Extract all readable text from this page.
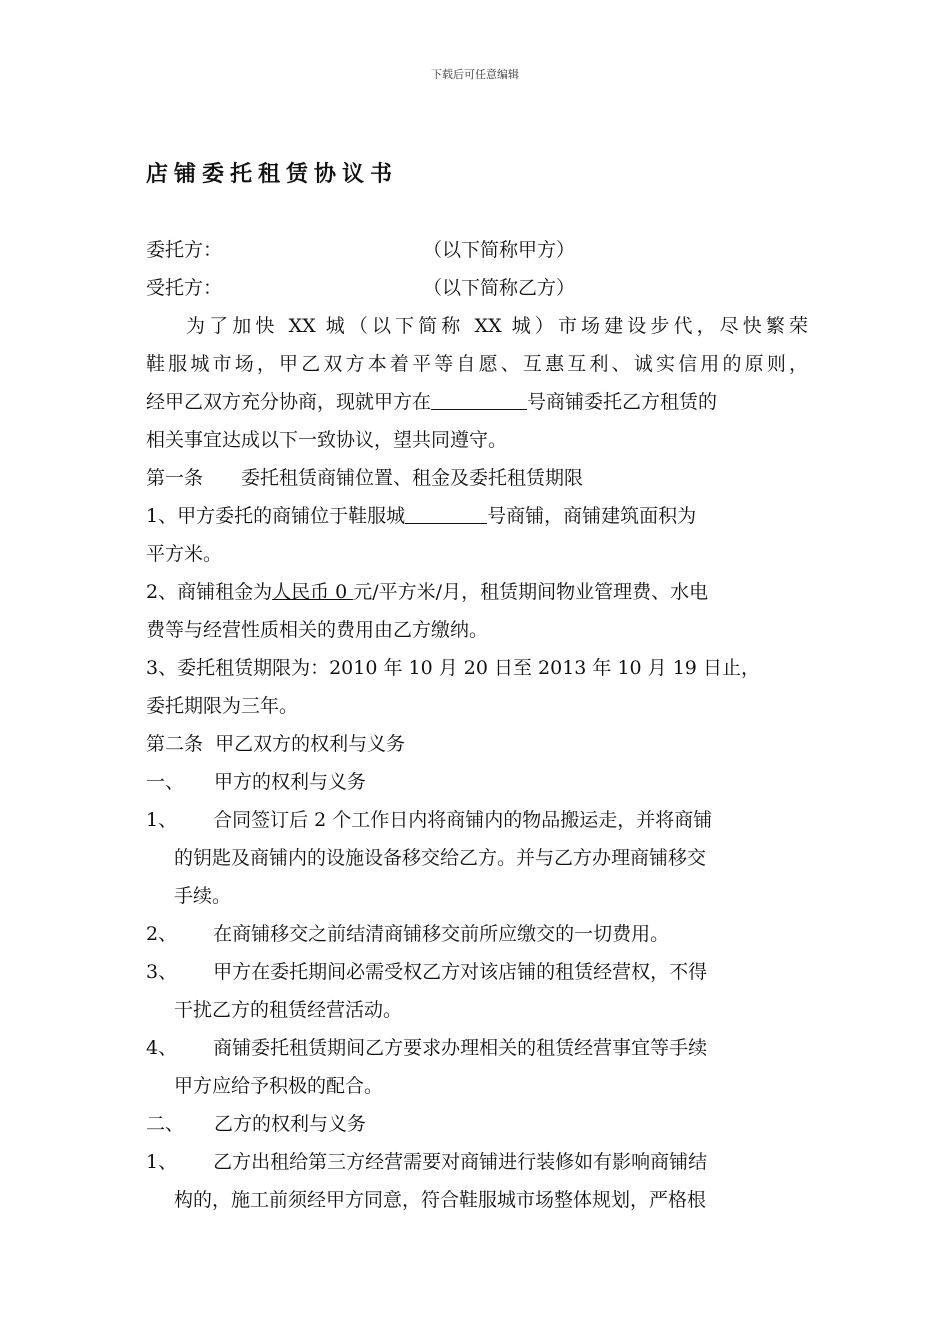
下载后可任意编辑
店铺委托租赁协议书
委托方：	（以下简称甲方）
受托方：	（以下简称乙方）
为了加快 XX 城（以下简称 XX 城）市场建设步代，尽快繁荣
鞋服城市场，甲乙双方本着平等自愿、互惠互利、诚实信用的原则，
经甲乙双方充分协商，现就甲方在	号商铺委托乙方租赁的
相关事宜达成以下一致协议，望共同遵守。
第一条 委托租赁商铺位置、租金及委托租赁期限
1、甲方委托的商铺位于鞋服城	号商铺，商铺建筑面积为
平方米。
2、商铺租金为人民币 0 元/平方米/月，租赁期间物业管理费、水电
费等与经营性质相关的费用由乙方缴纳。
3、委托租赁期限为：2010 年 10 月 20 日至 2013 年 10 月 19 日止，
委托期限为三年。
第二条  甲乙双方的权利与义务
一、 甲方的权利与义务
1、 合同签订后 2 个工作日内将商铺内的物品搬运走，并将商铺
的钥匙及商铺内的设施设备移交给乙方。并与乙方办理商铺移交
手续。
2、 在商铺移交之前结清商铺移交前所应缴交的一切费用。
3、 甲方在委托期间必需受权乙方对该店铺的租赁经营权，不得
干扰乙方的租赁经营活动。
4、 商铺委托租赁期间乙方要求办理相关的租赁经营事宜等手续
甲方应给予积极的配合。
二、 乙方的权利与义务
1、 乙方出租给第三方经营需要对商铺进行装修如有影响商铺结
构的，施工前须经甲方同意，符合鞋服城市场整体规划，严格根
